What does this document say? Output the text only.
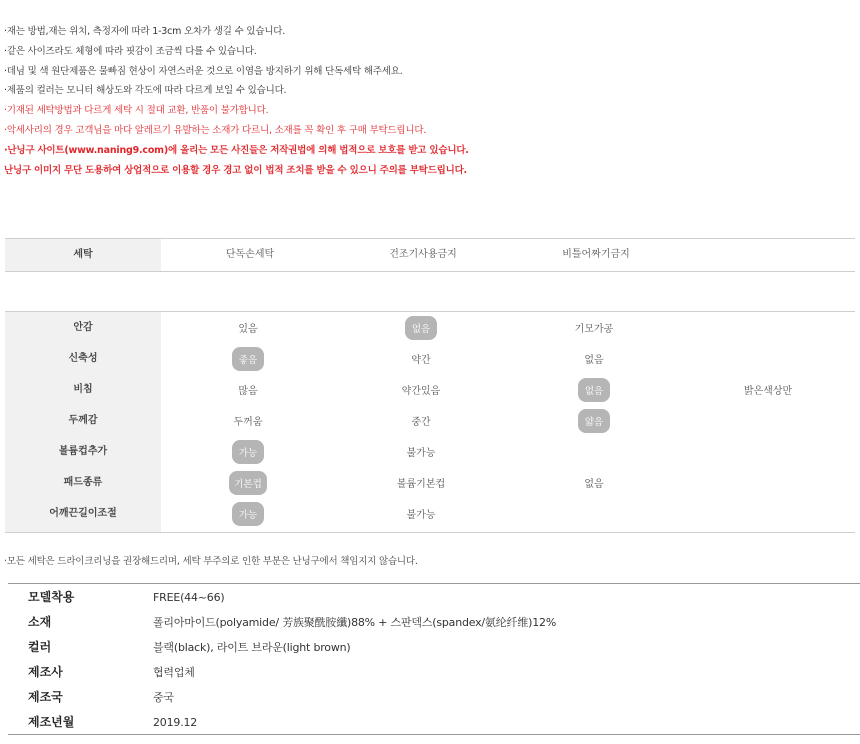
·재는 방법,재는 위치, 측정자에 따라 1-3cm 오차가 생길 수 있습니다.
·같은 사이즈라도 체형에 따라 핏감이 조금씩 다를 수 있습니다.
·데님 및 색 원단제품은 물빠짐 현상이 자연스러운 것으로 이염을 방지하기 위해 단독세탁 해주세요.
·제품의 컬러는 모니터 해상도와 각도에 따라 다르게 보일 수 있습니다.
·기재된 세탁방법과 다르게 세탁 시 절대 교환, 반품이 불가합니다.
·악세사리의 경우 고객님을 마다 알레르기 유발하는 소재가 다르니, 소재를 꼭 확인 후 구매 부탁드립니다.
·난닝구 사이트(www.naning9.com)에 올리는 모든 사진들은 저작권법에 의해 법적으로 보호를 받고 있습니다.
난닝구 이미지 무단 도용하여 상업적으로 이용할 경우 경고 없이 법적 조치를 받을 수 있으니 주의를 부탁드립니다.
세탁	단독손세탁	건조기사용금지	비틀어짜기금지
안감	있음	없음	기모가공
신축성	좋음	약간	없음
비침	많음	약간있음	없음	밝은색상만
두께감	두꺼움	중간	얇음
볼륨컵추가	가능	불가능
패드종류	기본컵	볼륨기본컵	없음
어깨끈길이조절	가능	불가능
·모든 세탁은 드라이크리닝을 권장해드리며, 세탁 부주의로 인한 부분은 난닝구에서 책임지지 않습니다.
모델착용	FREE(44~66)
소재	폴리아마이드(polyamide/ 芳族聚酰胺纖)88% + 스판덱스(spandex/氨纶纤维)12%
컬러	블랙(black), 라이트 브라운(light brown)
제조사	협력업체
제조국	중국
제조년월	2019.12
